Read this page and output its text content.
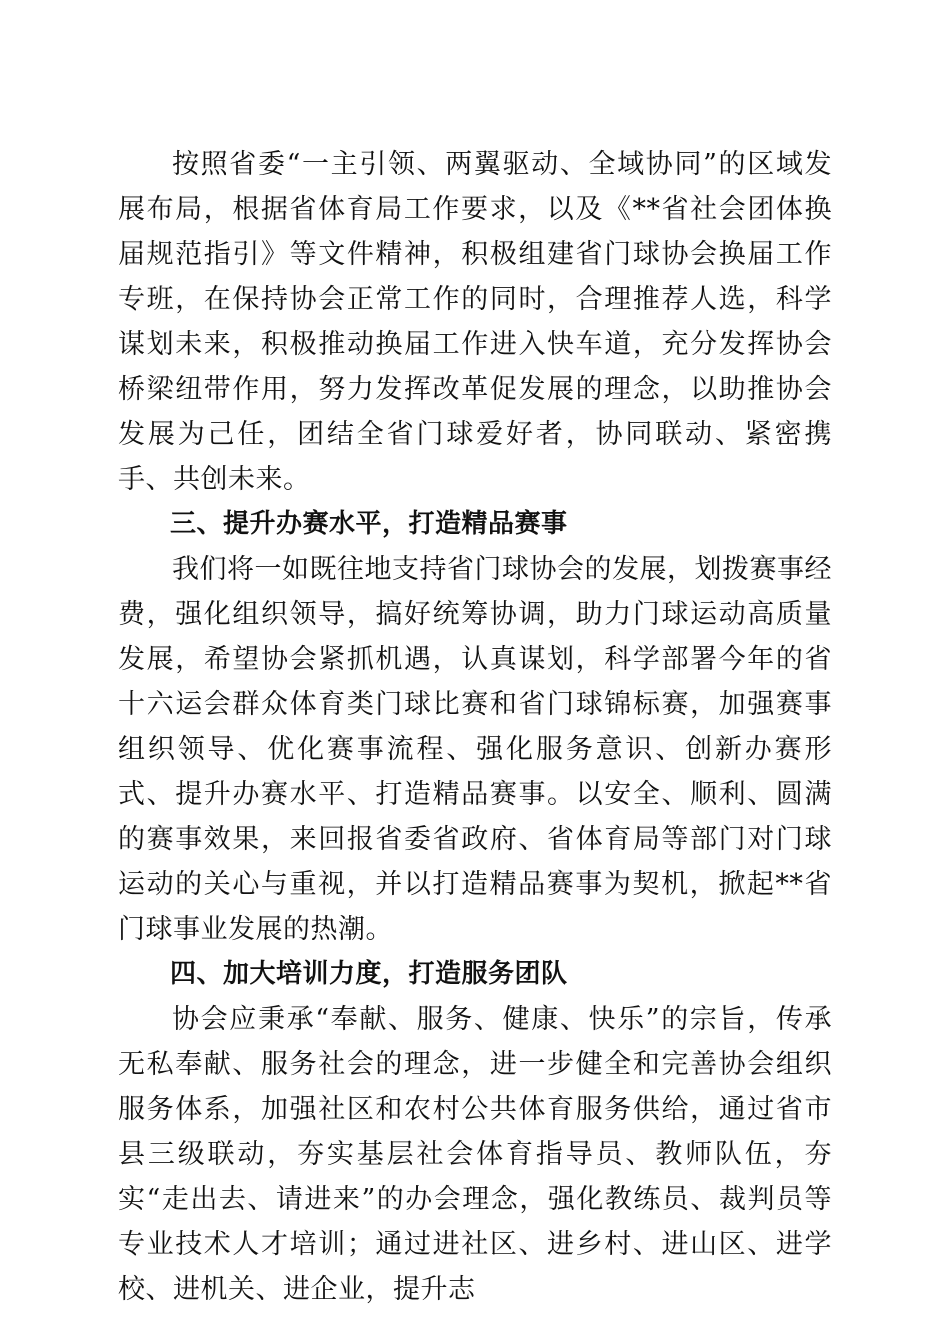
按照省委“一主引领、两翼驱动、全域协同”的区域发展布局，根据省体育局工作要求，以及《**省社会团体换届规范指引》等文件精神，积极组建省门球协会换届工作专班，在保持协会正常工作的同时，合理推荐人选，科学谋划未来，积极推动换届工作进入快车道，充分发挥协会桥梁纽带作用，努力发挥改革促发展的理念，以助推协会发展为己任，团结全省门球爱好者，协同联动、紧密携手、共创未来。

三、提升办赛水平，打造精品赛事

我们将一如既往地支持省门球协会的发展，划拨赛事经费，强化组织领导，搞好统筹协调，助力门球运动高质量发展，希望协会紧抓机遇，认真谋划，科学部署今年的省十六运会群众体育类门球比赛和省门球锦标赛，加强赛事组织领导、优化赛事流程、强化服务意识、创新办赛形式、提升办赛水平、打造精品赛事。以安全、顺利、圆满的赛事效果，来回报省委省政府、省体育局等部门对门球运动的关心与重视，并以打造精品赛事为契机，掀起**省门球事业发展的热潮。

四、加大培训力度，打造服务团队

协会应秉承“奉献、服务、健康、快乐”的宗旨，传承无私奉献、服务社会的理念，进一步健全和完善协会组织服务体系，加强社区和农村公共体育服务供给，通过省市县三级联动，夯实基层社会体育指导员、教师队伍，夯实“走出去、请进来”的办会理念，强化教练员、裁判员等专业技术人才培训；通过进社区、进乡村、进山区、进学校、进机关、进企业，提升志
